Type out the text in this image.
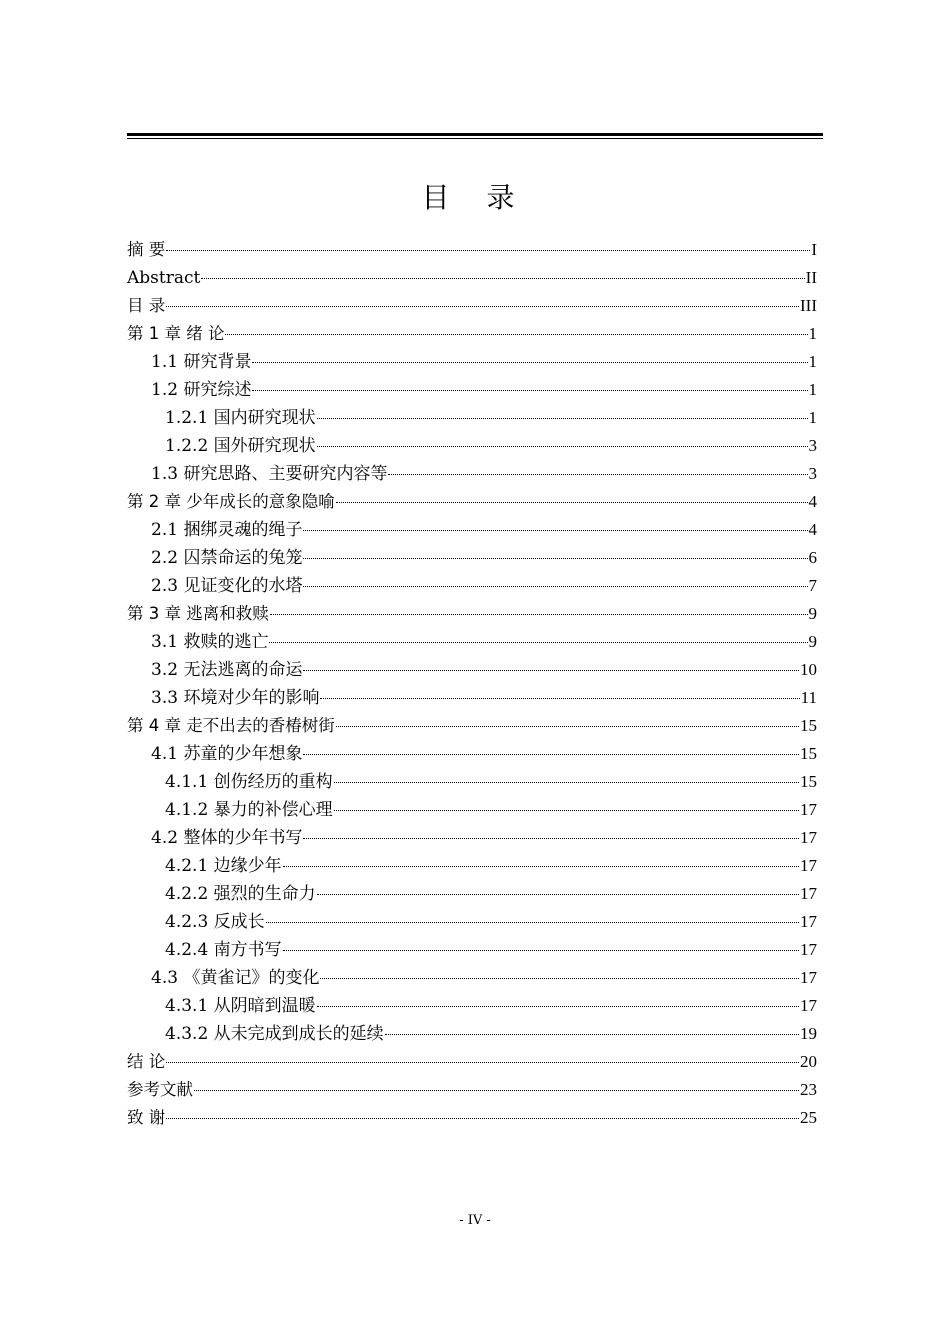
目 录
摘 要	I
Abstract	II
目 录	III
第 1 章 绪 论	1
1.1 研究背景	1
1.2 研究综述	1
1.2.1 国内研究现状	1
1.2.2 国外研究现状	3
1.3 研究思路、主要研究内容等	3
第 2 章 少年成长的意象隐喻	4
2.1 捆绑灵魂的绳子	4
2.2 囚禁命运的兔笼	6
2.3 见证变化的水塔	7
第 3 章 逃离和救赎	9
3.1 救赎的逃亡	9
3.2 无法逃离的命运	10
3.3 环境对少年的影响	11
第 4 章 走不出去的香椿树街	15
4.1 苏童的少年想象	15
4.1.1 创伤经历的重构	15
4.1.2 暴力的补偿心理	17
4.2 整体的少年书写	17
4.2.1 边缘少年	17
4.2.2 强烈的生命力	17
4.2.3 反成长	17
4.2.4 南方书写	17
4.3 《黄雀记》的变化	17
4.3.1 从阴暗到温暖	17
4.3.2 从未完成到成长的延续	19
结 论	20
参考文献	23
致 谢	25
- IV -
